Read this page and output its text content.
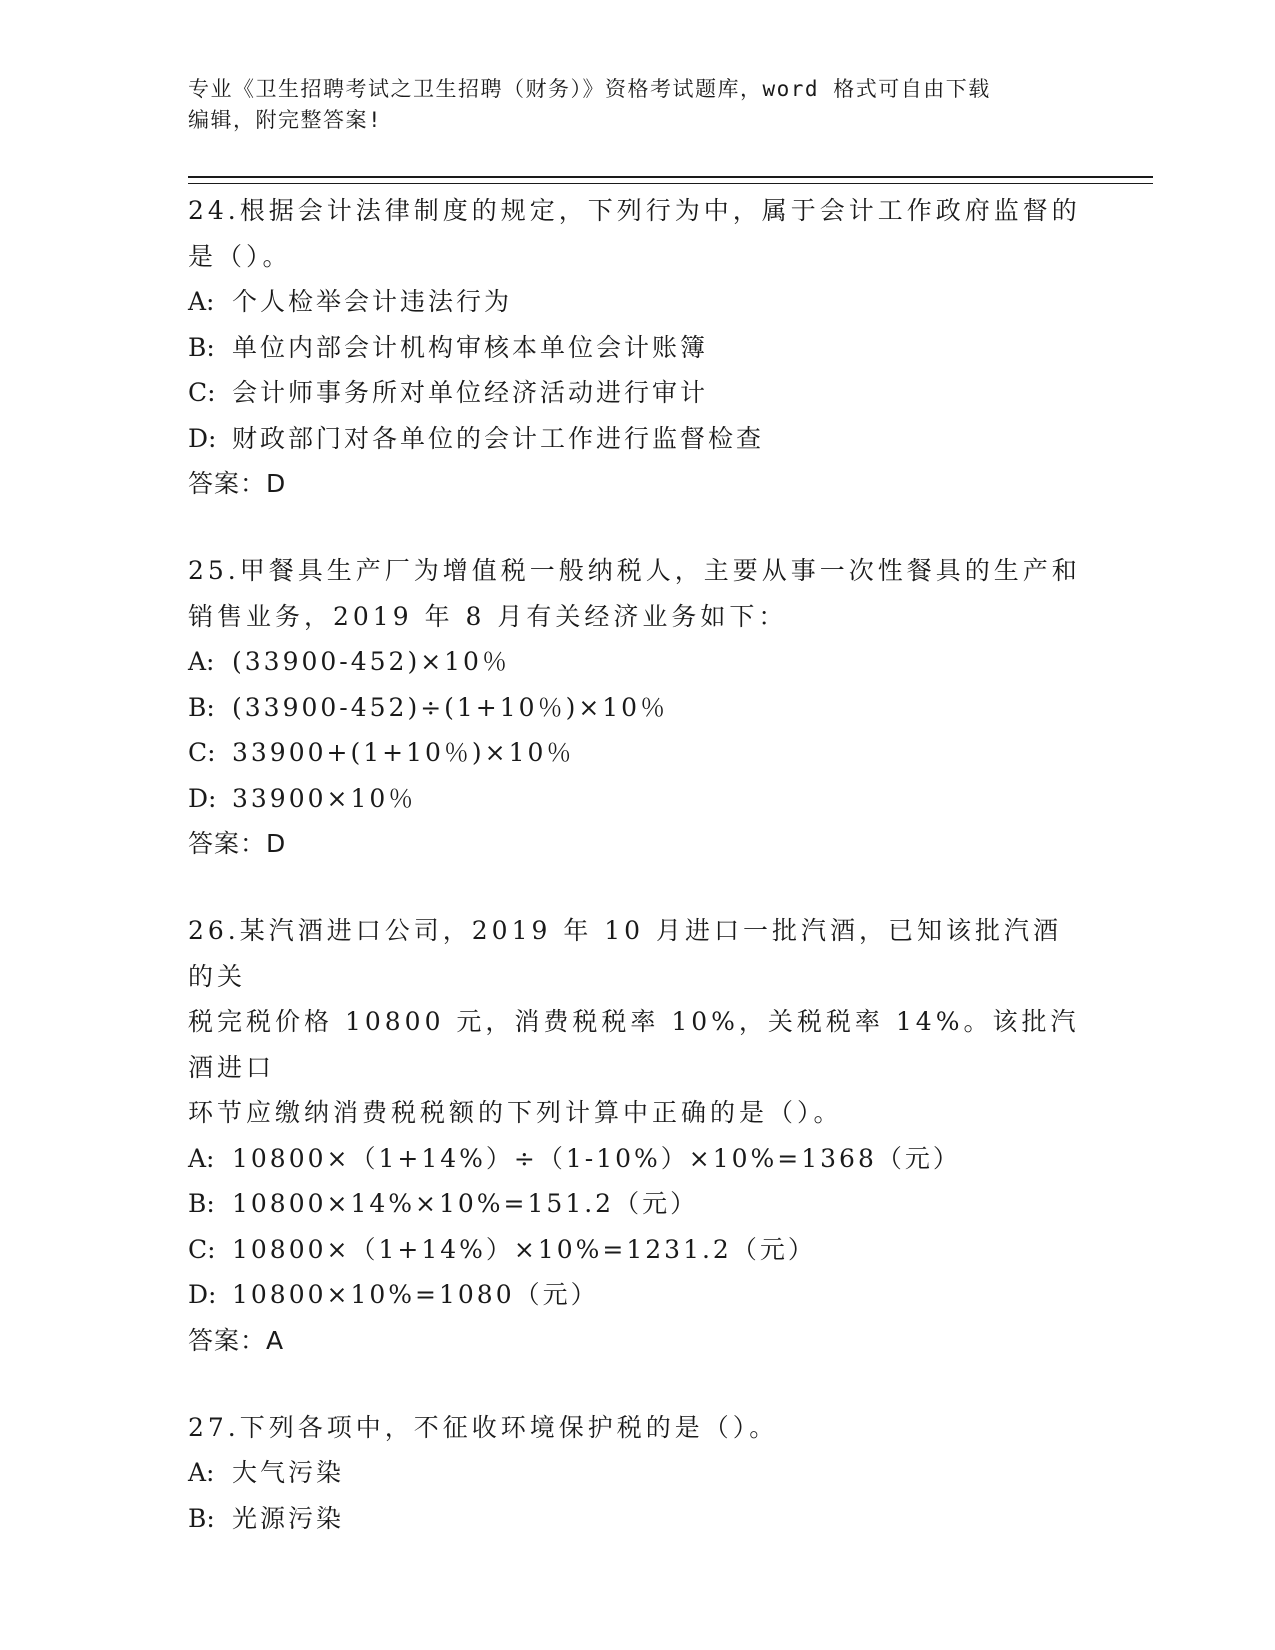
专业《卫生招聘考试之卫生招聘（财务）》资格考试题库，word 格式可自由下载
编辑，附完整答案!

24.根据会计法律制度的规定，下列行为中，属于会计工作政府监督的

是（）。

A: 个人检举会计违法行为

B: 单位内部会计机构审核本单位会计账簿

C: 会计师事务所对单位经济活动进行审计

D: 财政部门对各单位的会计工作进行监督检查

答案：D

25.甲餐具生产厂为增值税一般纳税人，主要从事一次性餐具的生产和

销售业务，2019 年 8 月有关经济业务如下：

A: (33900-452)×10％

B: (33900-452)÷(1+10％)×10％

C: 33900+(1+10％)×10％

D: 33900×10％

答案：D

26.某汽酒进口公司，2019 年 10 月进口一批汽酒，已知该批汽酒的关

税完税价格 10800 元，消费税税率 10%，关税税率 14%。该批汽酒进口

环节应缴纳消费税税额的下列计算中正确的是（）。

A: 10800×（1+14%）÷（1-10%）×10%=1368（元）

B: 10800×14%×10%=151.2（元）

C: 10800×（1+14%）×10%=1231.2（元）

D: 10800×10%=1080（元）

答案：A

27.下列各项中，不征收环境保护税的是（）。

A: 大气污染

B: 光源污染
